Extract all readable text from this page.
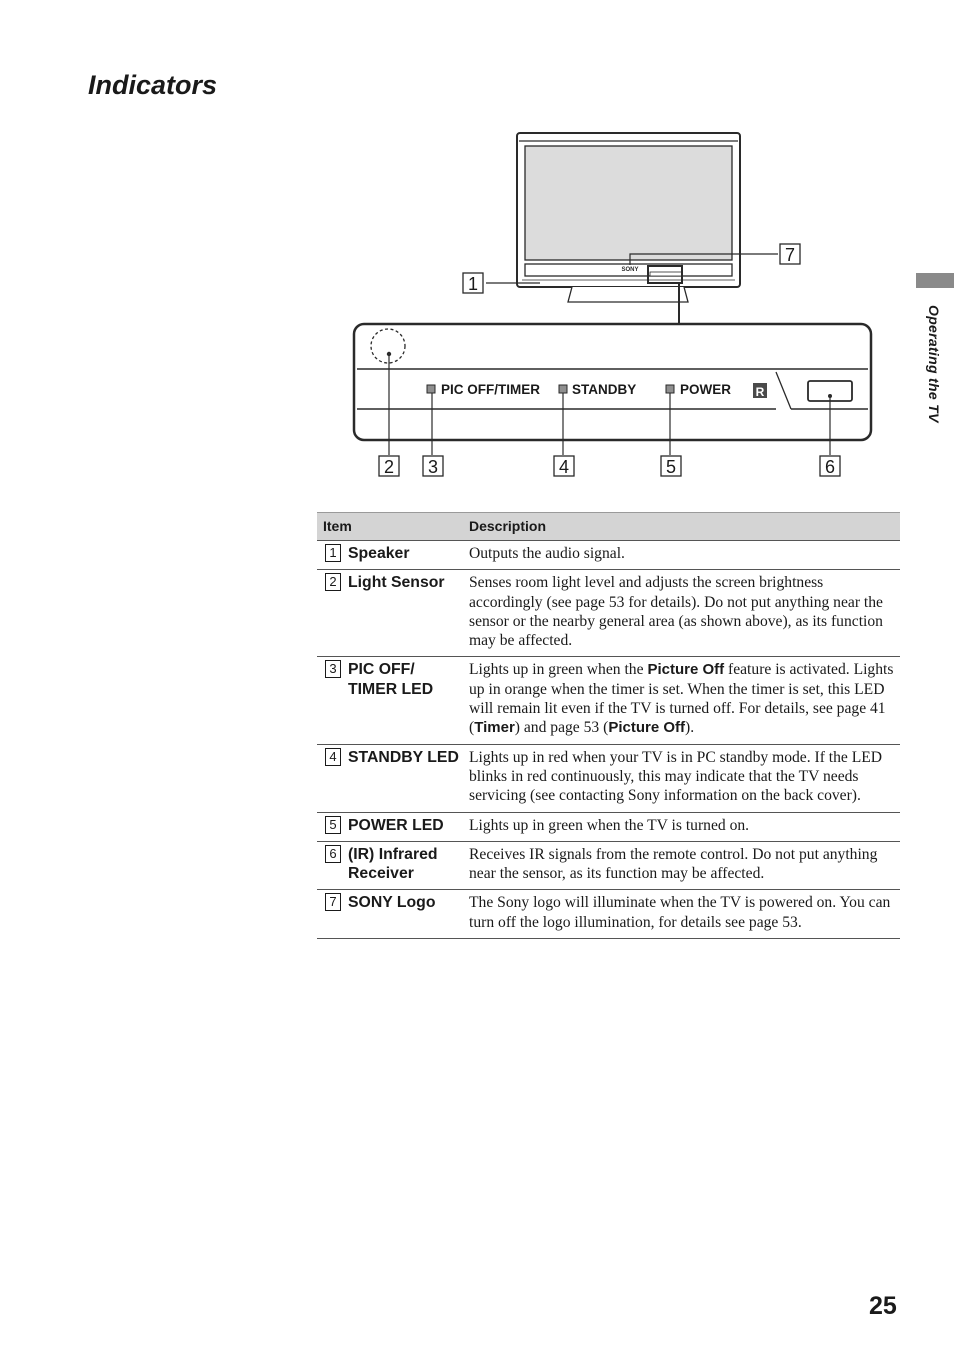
Indicators
Operating the TV
SONY
PIC OFF/TIMER STANDBY	POWER R
1
2 3	4	5	6
7
Item	Description

1 Speaker	Outputs the audio signal.

2 Light Sensor	Senses room light level and adjusts the screen brightness accordingly (see page 53 for details). Do not put anything near the sensor or the nearby general area (as shown above), as its function may be affected.

3 PIC OFF/ TIMER LED	Lights up in green when the Picture Off feature is activated. Lights up in orange when the timer is set. When the timer is set, this LED will remain lit even if the TV is turned off. For details, see page 41 (Timer) and page 53 (Picture Off).

4 STANDBY LED	Lights up in red when your TV is in PC standby mode. If the LED blinks in red continuously, this may indicate that the TV needs servicing (see contacting Sony information on the back cover).

5 POWER LED	Lights up in green when the TV is turned on.

6 (IR) Infrared Receiver	Receives IR signals from the remote control. Do not put anything near the sensor, as its function may be affected.

7 SONY Logo	The Sony logo will illuminate when the TV is powered on. You can turn off the logo illumination, for details see page 53.
25
